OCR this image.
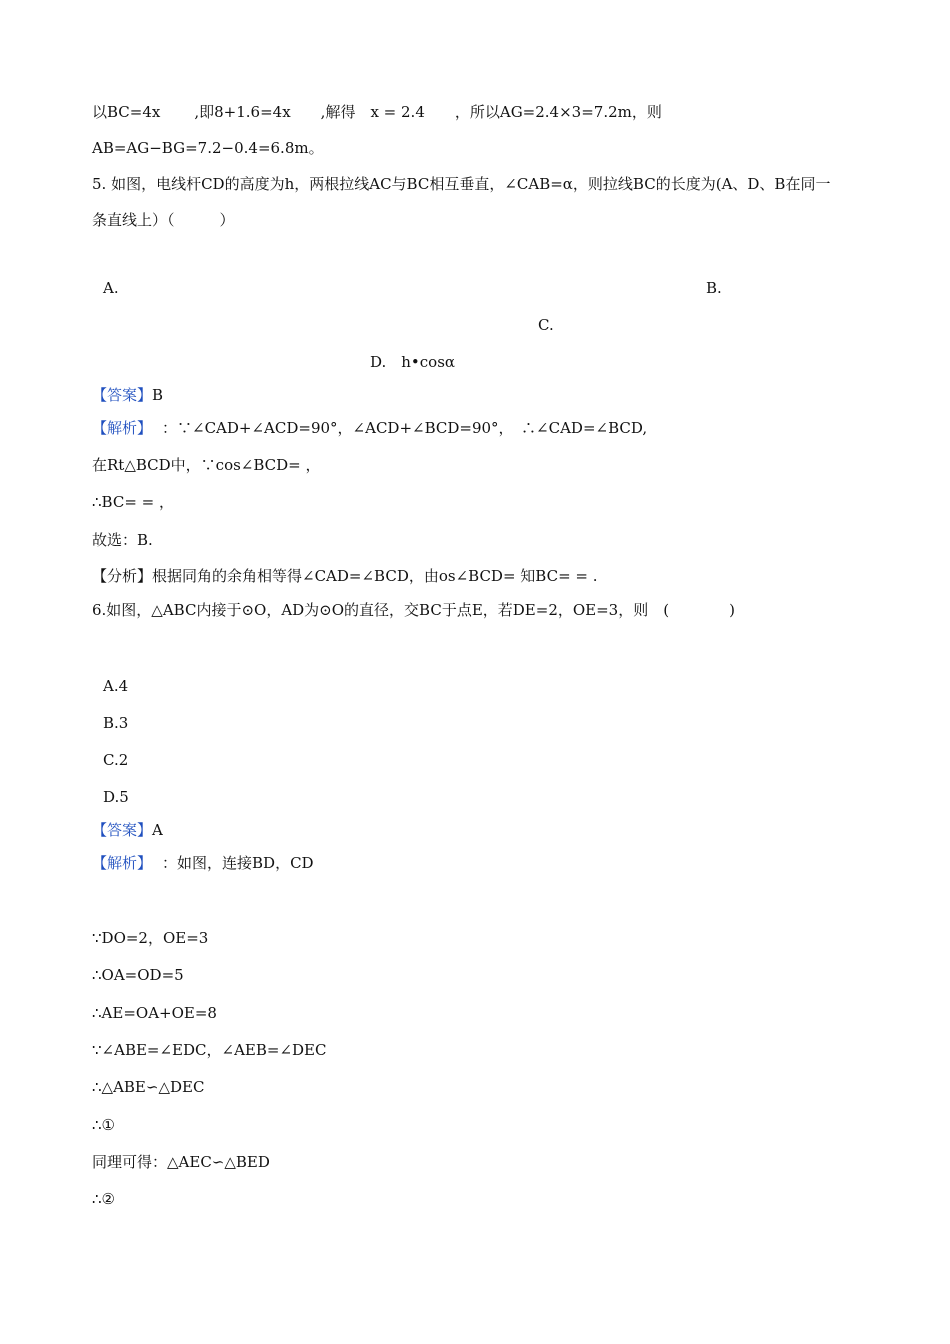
以BC=4x ,即8+1.6=4x ,解得　x = 2.4 ，所以AG=2.4×3=7.2m，则
AB=AG−BG=7.2−0.4=6.8m。
5. 如图，电线杆CD的高度为h，两根拉线AC与BC相互垂直，∠CAB=α，则拉线BC的长度为(A、D、B在同一
条直线上）（　　　）
A.	B.
C.
D.　h•cosα
【答案】B
【解析】 ：∵∠CAD+∠ACD=90°，∠ACD+∠BCD=90°，　∴∠CAD=∠BCD,
在Rt△BCD中，∵cos∠BCD= ，
∴BC= = ，
故选：B.
【分析】根据同角的余角相等得∠CAD=∠BCD，由os∠BCD= 知BC= = .
6.如图，△ABC内接于⊙O，AD为⊙O的直径，交BC于点E，若DE=2，OE=3，则　(　　　　)
A.4
B.3
C.2
D.5
【答案】A
【解析】 ：如图，连接BD，CD
∵DO=2，OE=3
∴OA=OD=5
∴AE=OA+OE=8
∵∠ABE=∠EDC，∠AEB=∠DEC
∴△ABE∽△DEC
∴①
同理可得：△AEC∽△BED
∴②
